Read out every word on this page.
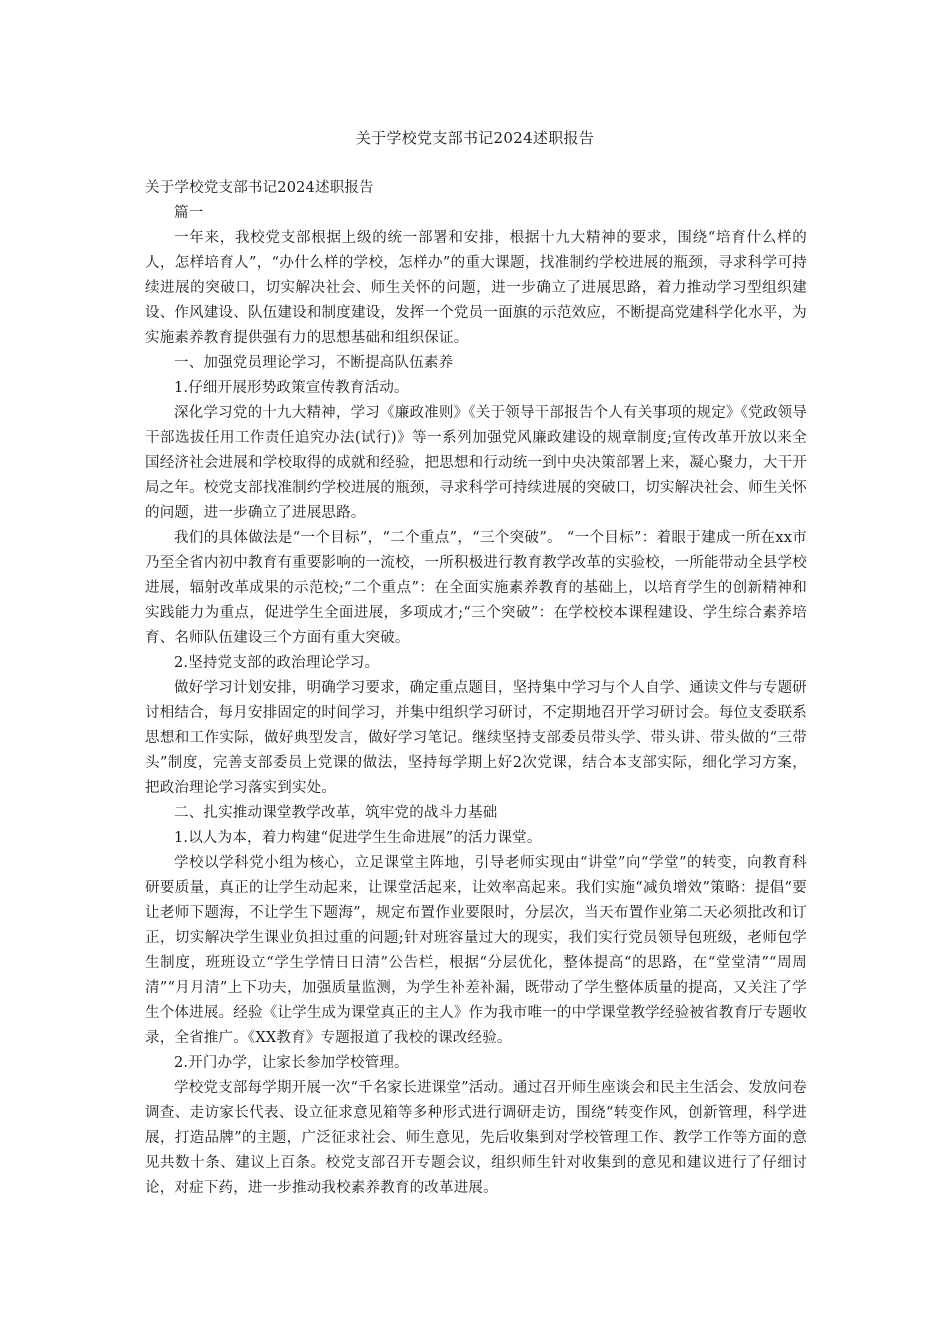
关于学校党支部书记2024述职报告

关于学校党支部书记2024述职报告

篇一

一年来，我校党支部根据上级的统一部署和安排，根据十九大精神的要求，围绕“培育什么样的人，怎样培育人”，“办什么样的学校，怎样办”的重大课题，找准制约学校进展的瓶颈，寻求科学可持续进展的突破口，切实解决社会、师生关怀的问题，进一步确立了进展思路，着力推动学习型组织建设、作风建设、队伍建设和制度建设，发挥一个党员一面旗的示范效应，不断提高党建科学化水平，为实施素养教育提供强有力的思想基础和组织保证。

一、加强党员理论学习，不断提高队伍素养

1.仔细开展形势政策宣传教育活动。

深化学习党的十九大精神，学习《廉政准则》《关于领导干部报告个人有关事项的规定》《党政领导干部选拔任用工作责任追究办法(试行)》等一系列加强党风廉政建设的规章制度;宣传改革开放以来全国经济社会进展和学校取得的成就和经验，把思想和行动统一到中央决策部署上来，凝心聚力，大干开局之年。校党支部找准制约学校进展的瓶颈，寻求科学可持续进展的突破口，切实解决社会、师生关怀的问题，进一步确立了进展思路。

我们的具体做法是“一个目标”，“二个重点”，“三个突破”。 “一个目标”：着眼于建成一所在xx市乃至全省内初中教育有重要影响的一流校，一所积极进行教育教学改革的实验校，一所能带动全县学校进展，辐射改革成果的示范校;“二个重点”：在全面实施素养教育的基础上，以培育学生的创新精神和实践能力为重点，促进学生全面进展，多项成才;“三个突破”：在学校校本课程建设、学生综合素养培育、名师队伍建设三个方面有重大突破。

2.坚持党支部的政治理论学习。

做好学习计划安排，明确学习要求，确定重点题目，坚持集中学习与个人自学、通读文件与专题研讨相结合，每月安排固定的时间学习，并集中组织学习研讨，不定期地召开学习研讨会。每位支委联系思想和工作实际，做好典型发言，做好学习笔记。继续坚持支部委员带头学、带头讲、带头做的“三带头”制度，完善支部委员上党课的做法，坚持每学期上好2次党课，结合本支部实际，细化学习方案，把政治理论学习落实到实处。

二、扎实推动课堂教学改革，筑牢党的战斗力基础

1.以人为本，着力构建“促进学生生命进展”的活力课堂。

学校以学科党小组为核心，立足课堂主阵地，引导老师实现由“讲堂”向“学堂”的转变，向教育科研要质量，真正的让学生动起来，让课堂活起来，让效率高起来。我们实施“减负增效”策略：提倡“要让老师下题海，不让学生下题海”，规定布置作业要限时，分层次，当天布置作业第二天必须批改和订正，切实解决学生课业负担过重的问题;针对班容量过大的现实，我们实行党员领导包班级，老师包学生制度，班班设立“学生学情日日清”公告栏，根据“分层优化，整体提高“的思路，在“堂堂清”“周周清”“月月清”上下功夫，加强质量监测，为学生补差补漏，既带动了学生整体质量的提高，又关注了学生个体进展。经验《让学生成为课堂真正的主人》作为我市唯一的中学课堂教学经验被省教育厅专题收录，全省推广。《XX教育》专题报道了我校的课改经验。

2.开门办学，让家长参加学校管理。

学校党支部每学期开展一次“千名家长进课堂”活动。通过召开师生座谈会和民主生活会、发放问卷调查、走访家长代表、设立征求意见箱等多种形式进行调研走访，围绕“转变作风，创新管理，科学进展，打造品牌”的主题，广泛征求社会、师生意见，先后收集到对学校管理工作、教学工作等方面的意见共数十条、建议上百条。校党支部召开专题会议，组织师生针对收集到的意见和建议进行了仔细讨论，对症下药，进一步推动我校素养教育的改革进展。
